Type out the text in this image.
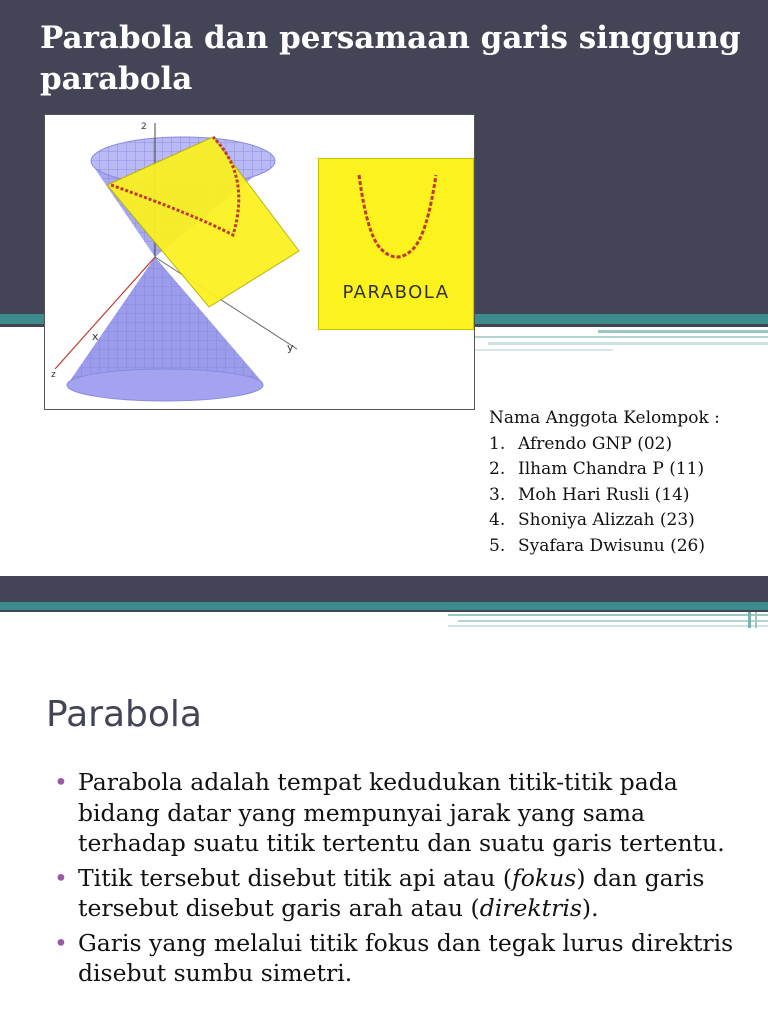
Parabola dan persamaan garis singgung parabola
z
x
y
2
PARABOLA
Nama Anggota Kelompok :
1. Afrendo GNP (02)
2. Ilham Chandra P (11)
3. Moh Hari Rusli (14)
4. Shoniya Alizzah (23)
5. Syafara Dwisunu (26)
Parabola
• Parabola adalah tempat kedudukan titik-titik pada bidang datar yang mempunyai jarak yang sama terhadap suatu titik tertentu dan suatu garis tertentu.
• Titik tersebut disebut titik api atau (fokus) dan garis tersebut disebut garis arah atau (direktris).
• Garis yang melalui titik fokus dan tegak lurus direktris disebut sumbu simetri.
